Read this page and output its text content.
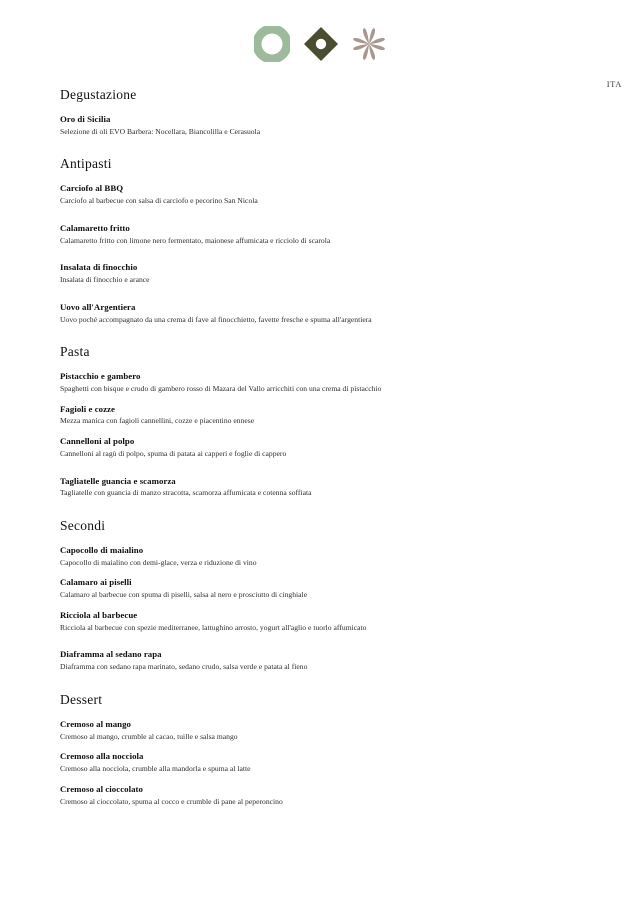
ITA
Degustazione
Oro di Sicilia
Selezione di oli EVO Barbera: Nocellara, Biancolilla e Cerasuola
Antipasti
Carciofo al BBQ
Carciofo al barbecue con salsa di carciofo e pecorino San Nicola
Calamaretto fritto
Calamaretto fritto con limone nero fermentato, maionese affumicata e ricciolo di scarola
Insalata di finocchio
Insalata di finocchio e arance
Uovo all'Argentiera
Uovo poché accompagnato da una crema di fave al finocchietto, favette fresche e spuma all'argentiera
Pasta
Pistacchio e gambero
Spaghetti con bisque e crudo di gambero rosso di Mazara del Vallo arricchiti con una crema di pistacchio
Fagioli e cozze
Mezza manica con fagioli cannellini, cozze e piacentino ennese
Cannelloni al polpo
Cannelloni al ragù di polpo, spuma di patata ai capperi e foglie di cappero
Tagliatelle guancia e scamorza
Tagliatelle con guancia di manzo stracotta, scamorza affumicata e cotenna soffiata
Secondi
Capocollo di maialino
Capocollo di maialino con demi-glace, verza e riduzione di vino
Calamaro ai piselli
Calamaro al barbecue con spuma di piselli, salsa al nero e prosciutto di cinghiale
Ricciola al barbecue
Ricciola al barbecue con spezie mediterranee, lattughino arrosto, yogurt all'aglio e tuorlo affumicato
Diaframma al sedano rapa
Diaframma con sedano rapa marinato, sedano crudo, salsa verde e patata al fieno
Dessert
Cremoso al mango
Cremoso al mango, crumble al cacao, tuille e salsa mango
Cremoso alla nocciola
Cremoso alla nocciola, crumble alla mandorla e spuma al latte
Cremoso al cioccolato
Cremoso al cioccolato, spuma al cocco e crumble di pane al peperoncino
